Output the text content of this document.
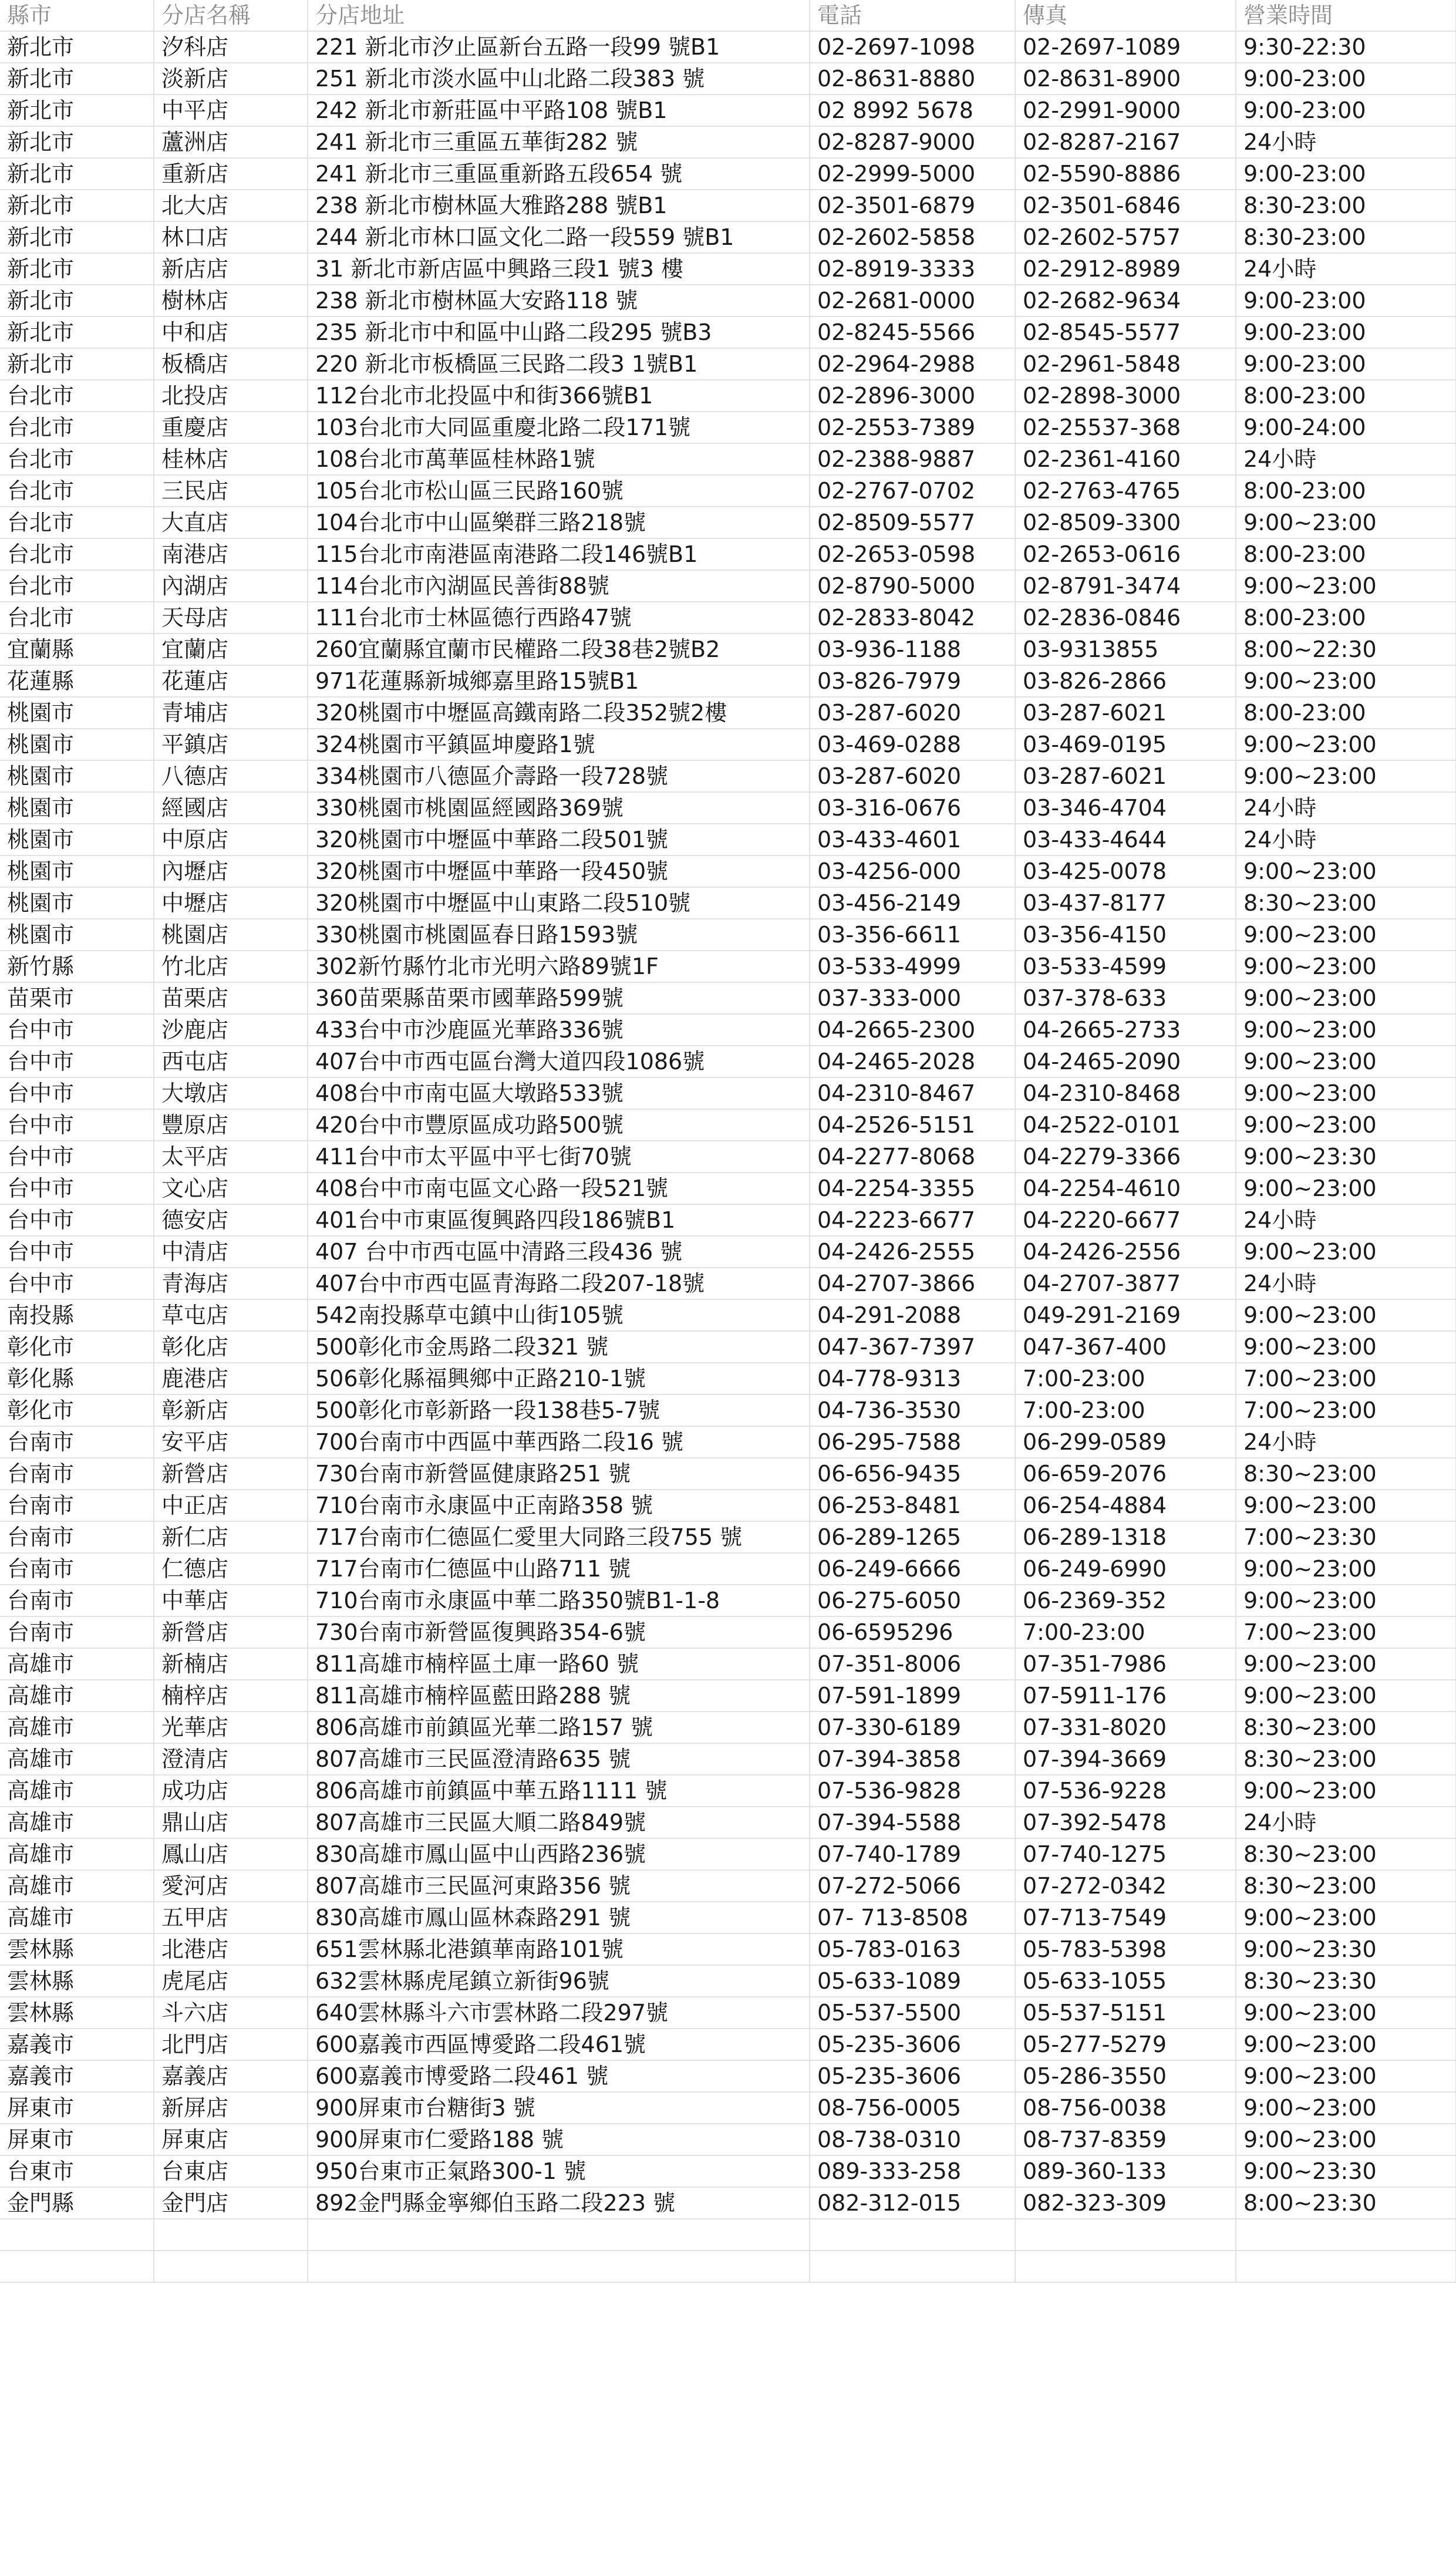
縣市	分店名稱	分店地址	電話	傳真	營業時間
新北市	汐科店	221 新北市汐止區新台五路一段99 號B1	02-2697-1098	02-2697-1089	9:30-22:30
新北市	淡新店	251 新北市淡水區中山北路二段383 號	02-8631-8880	02-8631-8900	9:00-23:00
新北市	中平店	242 新北市新莊區中平路108 號B1	02 8992 5678	02-2991-9000	9:00-23:00
新北市	蘆洲店	241 新北市三重區五華街282 號	02-8287-9000	02-8287-2167	24小時
新北市	重新店	241 新北市三重區重新路五段654 號	02-2999-5000	02-5590-8886	9:00-23:00
新北市	北大店	238 新北市樹林區大雅路288 號B1	02-3501-6879	02-3501-6846	8:30-23:00
新北市	林口店	244 新北市林口區文化二路一段559 號B1	02-2602-5858	02-2602-5757	8:30-23:00
新北市	新店店	31 新北市新店區中興路三段1 號3 樓	02-8919-3333	02-2912-8989	24小時
新北市	樹林店	238 新北市樹林區大安路118 號	02-2681-0000	02-2682-9634	9:00-23:00
新北市	中和店	235 新北市中和區中山路二段295 號B3	02-8245-5566	02-8545-5577	9:00-23:00
新北市	板橋店	220 新北市板橋區三民路二段3 1號B1	02-2964-2988	02-2961-5848	9:00-23:00
台北市	北投店	112台北市北投區中和街366號B1	02-2896-3000	02-2898-3000	8:00-23:00
台北市	重慶店	103台北市大同區重慶北路二段171號	02-2553-7389	02-25537-368	9:00-24:00
台北市	桂林店	108台北市萬華區桂林路1號	02-2388-9887	02-2361-4160	24小時
台北市	三民店	105台北市松山區三民路160號	02-2767-0702	02-2763-4765	8:00-23:00
台北市	大直店	104台北市中山區樂群三路218號	02-8509-5577	02-8509-3300	9:00~23:00
台北市	南港店	115台北市南港區南港路二段146號B1	02-2653-0598	02-2653-0616	8:00-23:00
台北市	內湖店	114台北市內湖區民善街88號	02-8790-5000	02-8791-3474	9:00~23:00
台北市	天母店	111台北市士林區德行西路47號	02-2833-8042	02-2836-0846	8:00-23:00
宜蘭縣	宜蘭店	260宜蘭縣宜蘭市民權路二段38巷2號B2	03-936-1188	03-9313855	8:00~22:30
花蓮縣	花蓮店	971花蓮縣新城鄉嘉里路15號B1	03-826-7979	03-826-2866	9:00~23:00
桃園市	青埔店	320桃園市中壢區高鐵南路二段352號2樓	03-287-6020	03-287-6021	8:00-23:00
桃園市	平鎮店	324桃園市平鎮區坤慶路1號	03-469-0288	03-469-0195	9:00~23:00
桃園市	八德店	334桃園市八德區介壽路一段728號	03-287-6020	03-287-6021	9:00~23:00
桃園市	經國店	330桃園市桃園區經國路369號	03-316-0676	03-346-4704	24小時
桃園市	中原店	320桃園市中壢區中華路二段501號	03-433-4601	03-433-4644	24小時
桃園市	內壢店	320桃園市中壢區中華路一段450號	03-4256-000	03-425-0078	9:00~23:00
桃園市	中壢店	320桃園市中壢區中山東路二段510號	03-456-2149	03-437-8177	8:30~23:00
桃園市	桃園店	330桃園市桃園區春日路1593號	03-356-6611	03-356-4150	9:00~23:00
新竹縣	竹北店	302新竹縣竹北市光明六路89號1F	03-533-4999	03-533-4599	9:00~23:00
苗栗市	苗栗店	360苗栗縣苗栗市國華路599號	037-333-000	037-378-633	9:00~23:00
台中市	沙鹿店	433台中市沙鹿區光華路336號	04-2665-2300	04-2665-2733	9:00~23:00
台中市	西屯店	407台中市西屯區台灣大道四段1086號	04-2465-2028	04-2465-2090	9:00~23:00
台中市	大墩店	408台中市南屯區大墩路533號	04-2310-8467	04-2310-8468	9:00~23:00
台中市	豐原店	420台中市豐原區成功路500號	04-2526-5151	04-2522-0101	9:00~23:00
台中市	太平店	411台中市太平區中平七街70號	04-2277-8068	04-2279-3366	9:00~23:30
台中市	文心店	408台中市南屯區文心路一段521號	04-2254-3355	04-2254-4610	9:00~23:00
台中市	德安店	401台中市東區復興路四段186號B1	04-2223-6677	04-2220-6677	24小時
台中市	中清店	407 台中市西屯區中清路三段436 號	04-2426-2555	04-2426-2556	9:00~23:00
台中市	青海店	407台中市西屯區青海路二段207-18號	04-2707-3866	04-2707-3877	24小時
南投縣	草屯店	542南投縣草屯鎮中山街105號	04-291-2088	049-291-2169	9:00~23:00
彰化市	彰化店	500彰化市金馬路二段321 號	047-367-7397	047-367-400	9:00~23:00
彰化縣	鹿港店	506彰化縣福興鄉中正路210-1號	04-778-9313	7:00-23:00	7:00~23:00
彰化市	彰新店	500彰化市彰新路一段138巷5-7號	04-736-3530	7:00-23:00	7:00~23:00
台南市	安平店	700台南市中西區中華西路二段16 號	06-295-7588	06-299-0589	24小時
台南市	新營店	730台南市新營區健康路251 號	06-656-9435	06-659-2076	8:30~23:00
台南市	中正店	710台南市永康區中正南路358 號	06-253-8481	06-254-4884	9:00~23:00
台南市	新仁店	717台南市仁德區仁愛里大同路三段755 號	06-289-1265	06-289-1318	7:00~23:30
台南市	仁德店	717台南市仁德區中山路711 號	06-249-6666	06-249-6990	9:00~23:00
台南市	中華店	710台南市永康區中華二路350號B1-1-8	06-275-6050	06-2369-352	9:00~23:00
台南市	新營店	730台南市新營區復興路354-6號	06-6595296	7:00-23:00	7:00~23:00
高雄市	新楠店	811高雄市楠梓區土庫一路60 號	07-351-8006	07-351-7986	9:00~23:00
高雄市	楠梓店	811高雄市楠梓區藍田路288 號	07-591-1899	07-5911-176	9:00~23:00
高雄市	光華店	806高雄市前鎮區光華二路157 號	07-330-6189	07-331-8020	8:30~23:00
高雄市	澄清店	807高雄市三民區澄清路635 號	07-394-3858	07-394-3669	8:30~23:00
高雄市	成功店	806高雄市前鎮區中華五路1111 號	07-536-9828	07-536-9228	9:00~23:00
高雄市	鼎山店	807高雄市三民區大順二路849號	07-394-5588	07-392-5478	24小時
高雄市	鳳山店	830高雄市鳳山區中山西路236號	07-740-1789	07-740-1275	8:30~23:00
高雄市	愛河店	807高雄市三民區河東路356 號	07-272-5066	07-272-0342	8:30~23:00
高雄市	五甲店	830高雄市鳳山區林森路291 號	07- 713-8508	07-713-7549	9:00~23:00
雲林縣	北港店	651雲林縣北港鎮華南路101號	05-783-0163	05-783-5398	9:00~23:30
雲林縣	虎尾店	632雲林縣虎尾鎮立新街96號	05-633-1089	05-633-1055	8:30~23:30
雲林縣	斗六店	640雲林縣斗六市雲林路二段297號	05-537-5500	05-537-5151	9:00~23:00
嘉義市	北門店	600嘉義市西區博愛路二段461號	05-235-3606	05-277-5279	9:00~23:00
嘉義市	嘉義店	600嘉義市博愛路二段461 號	05-235-3606	05-286-3550	9:00~23:00
屏東市	新屏店	900屏東市台糖街3 號	08-756-0005	08-756-0038	9:00~23:00
屏東市	屏東店	900屏東市仁愛路188 號	08-738-0310	08-737-8359	9:00~23:00
台東市	台東店	950台東市正氣路300-1 號	089-333-258	089-360-133	9:00~23:30
金門縣	金門店	892金門縣金寧鄉伯玉路二段223 號	082-312-015	082-323-309	8:00~23:30
